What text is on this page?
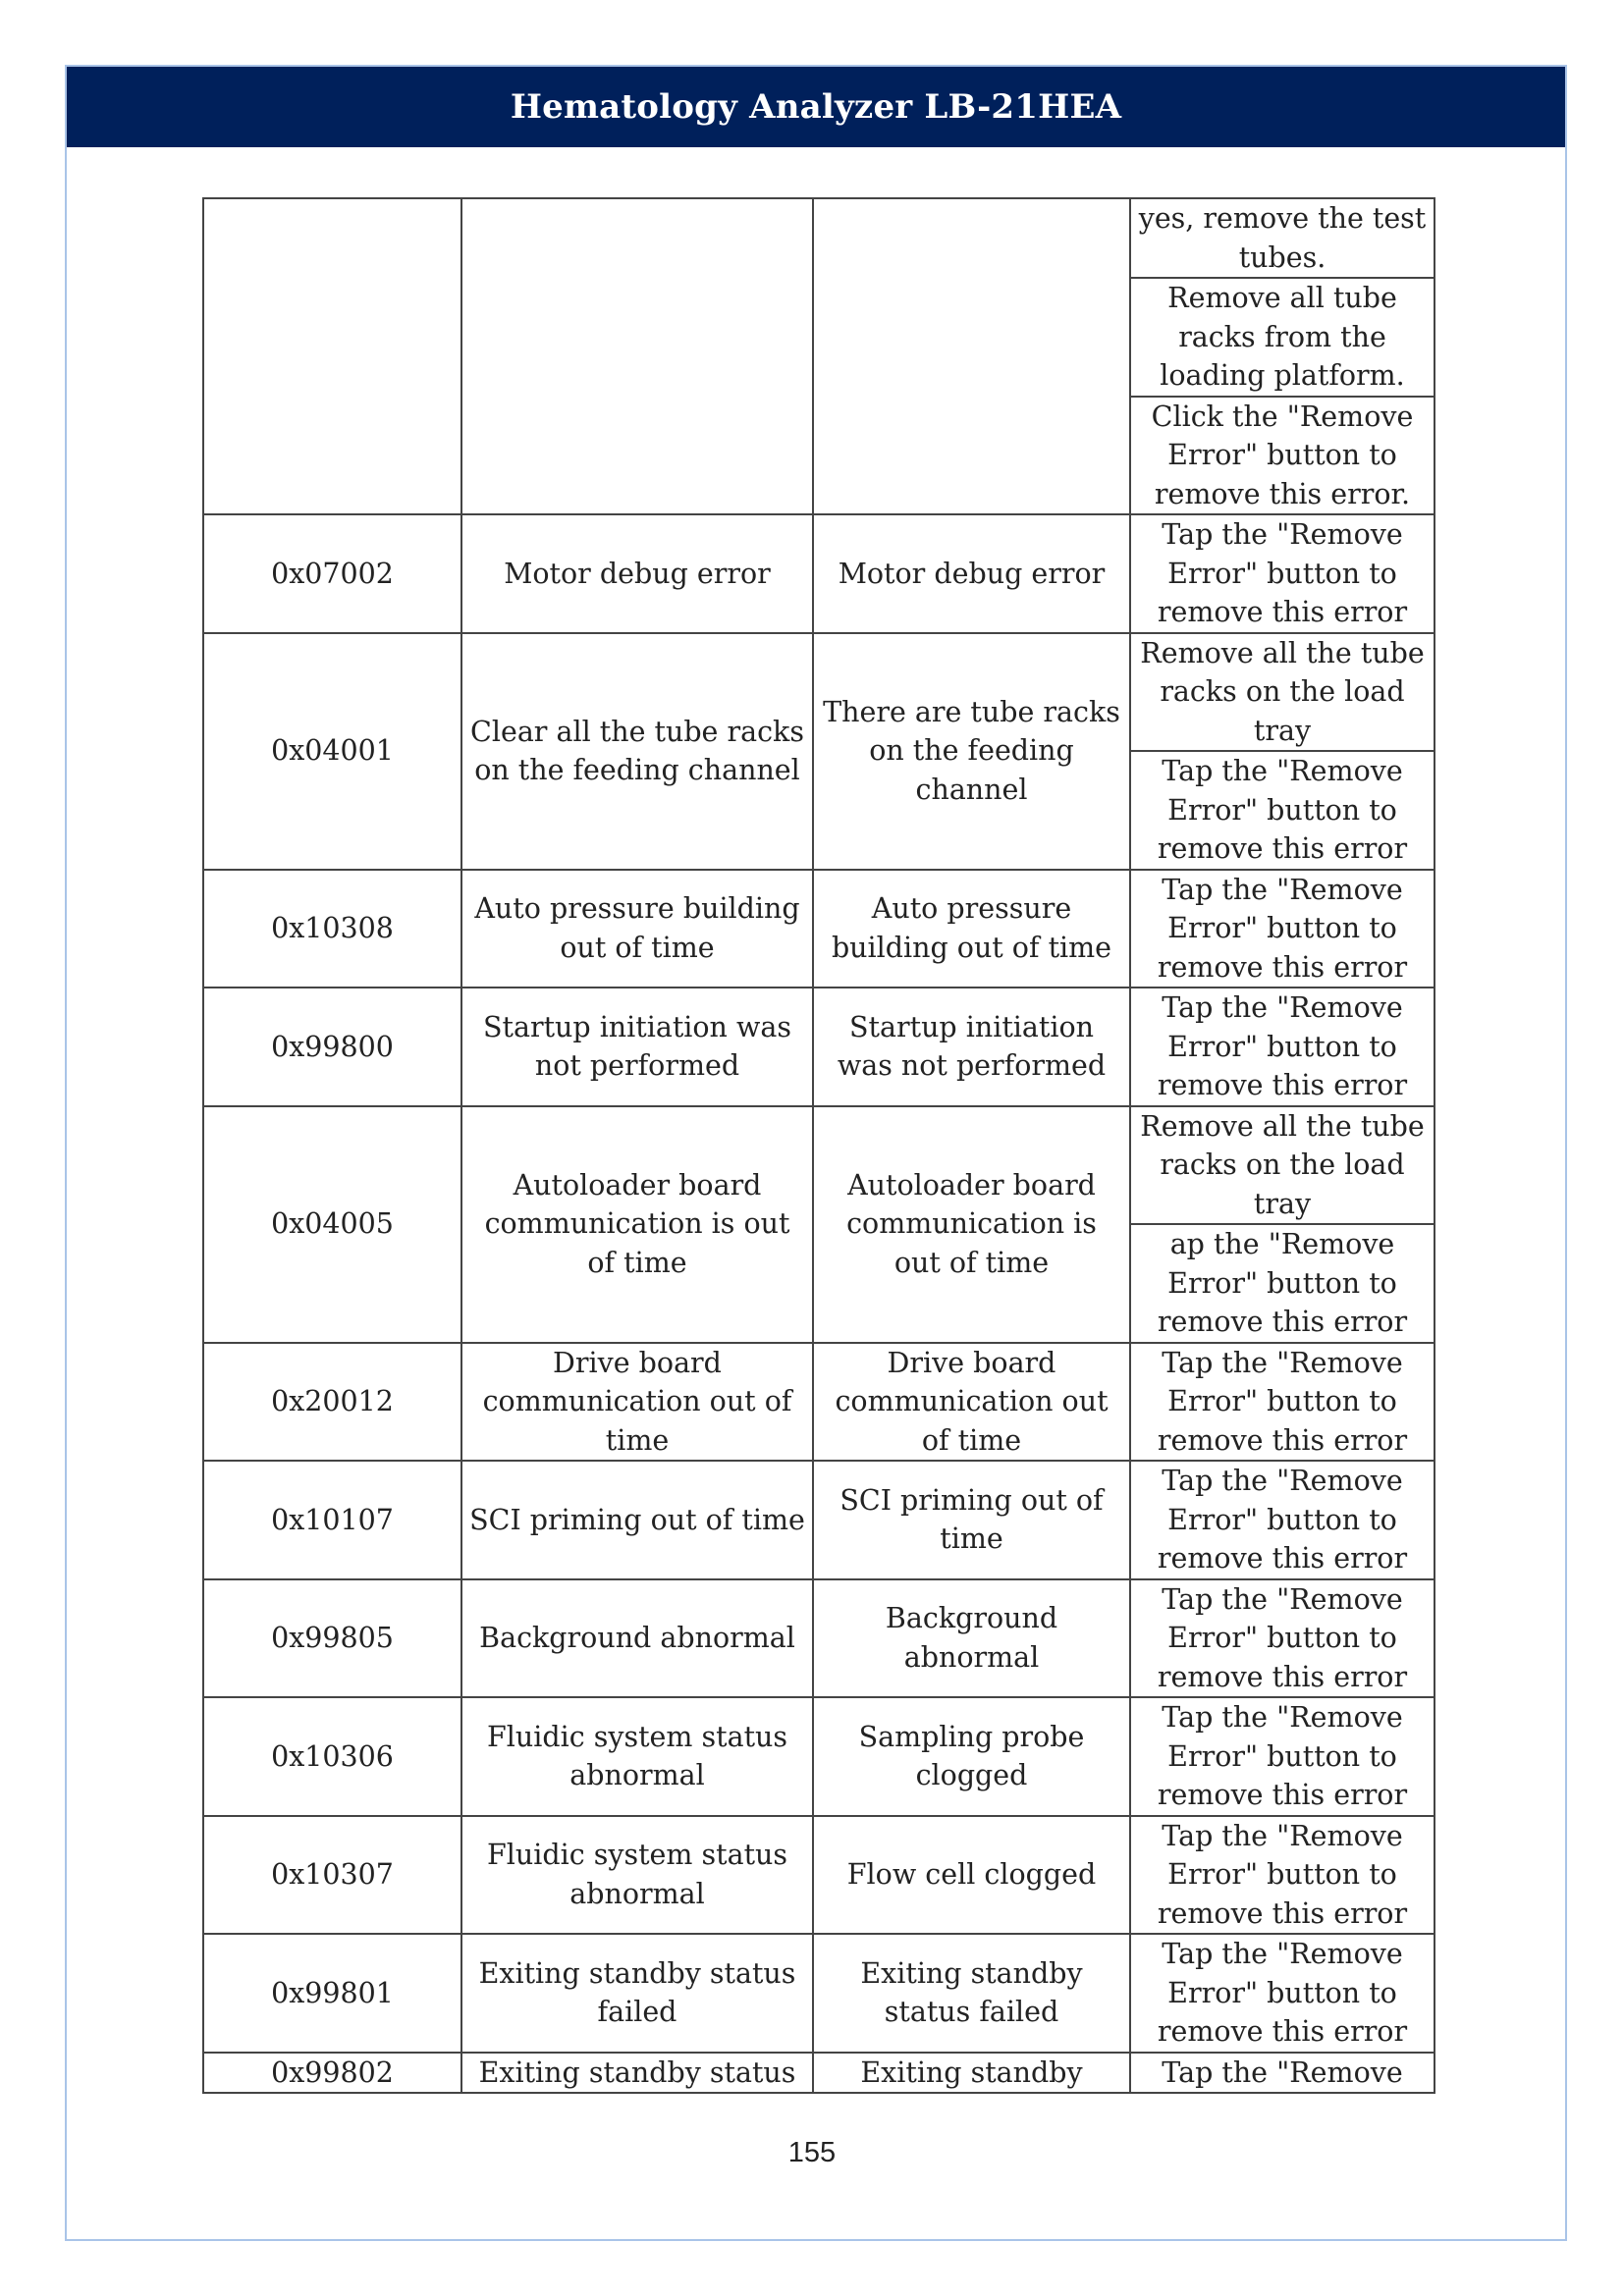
Hematology Analyzer LB-21HEA
			yes, remove the test tubes.
			Remove all tube racks from the loading platform.
			Click the "Remove Error" button to remove this error.
0x07002	Motor debug error	Motor debug error	Tap the "Remove Error" button to remove this error
0x04001	Clear all the tube racks on the feeding channel	There are tube racks on the feeding channel	Remove all the tube racks on the load tray
			Tap the "Remove Error" button to remove this error
0x10308	Auto pressure building out of time	Auto pressure building out of time	Tap the "Remove Error" button to remove this error
0x99800	Startup initiation was not performed	Startup initiation was not performed	Tap the "Remove Error" button to remove this error
0x04005	Autoloader board communication is out of time	Autoloader board communication is out of time	Remove all the tube racks on the load tray
			ap the "Remove Error" button to remove this error
0x20012	Drive board communication out of time	Drive board communication out of time	Tap the "Remove Error" button to remove this error
0x10107	SCI priming out of time	SCI priming out of time	Tap the "Remove Error" button to remove this error
0x99805	Background abnormal	Background abnormal	Tap the "Remove Error" button to remove this error
0x10306	Fluidic system status abnormal	Sampling probe clogged	Tap the "Remove Error" button to remove this error
0x10307	Fluidic system status abnormal	Flow cell clogged	Tap the "Remove Error" button to remove this error
0x99801	Exiting standby status failed	Exiting standby status failed	Tap the "Remove Error" button to remove this error
0x99802	Exiting standby status	Exiting standby	Tap the "Remove
155
